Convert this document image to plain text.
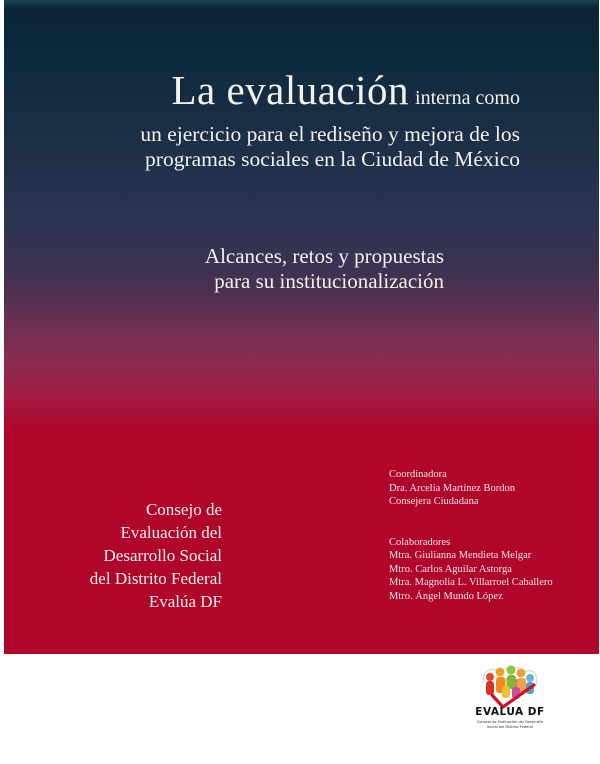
La evaluación interna como
un ejercicio para el rediseño y mejora de los
programas sociales en la Ciudad de México
Alcances, retos y propuestas
para su institucionalización
Consejo de
Evaluación del
Desarrollo Social
del Distrito Federal
Evalúa DF
Coordinadora
Dra. Arcelia Martínez Bordon
Consejera Ciudadana
Colaboradores
Mtra. Giulianna Mendieta Melgar
Mtro. Carlos Aguilar Astorga
Mtra. Magnolia L. Villarroel Caballero
Mtro. Ángel Mundo López
EVALUA DF
Consejo de Evaluación del Desarrollo Social del Distrito Federal
